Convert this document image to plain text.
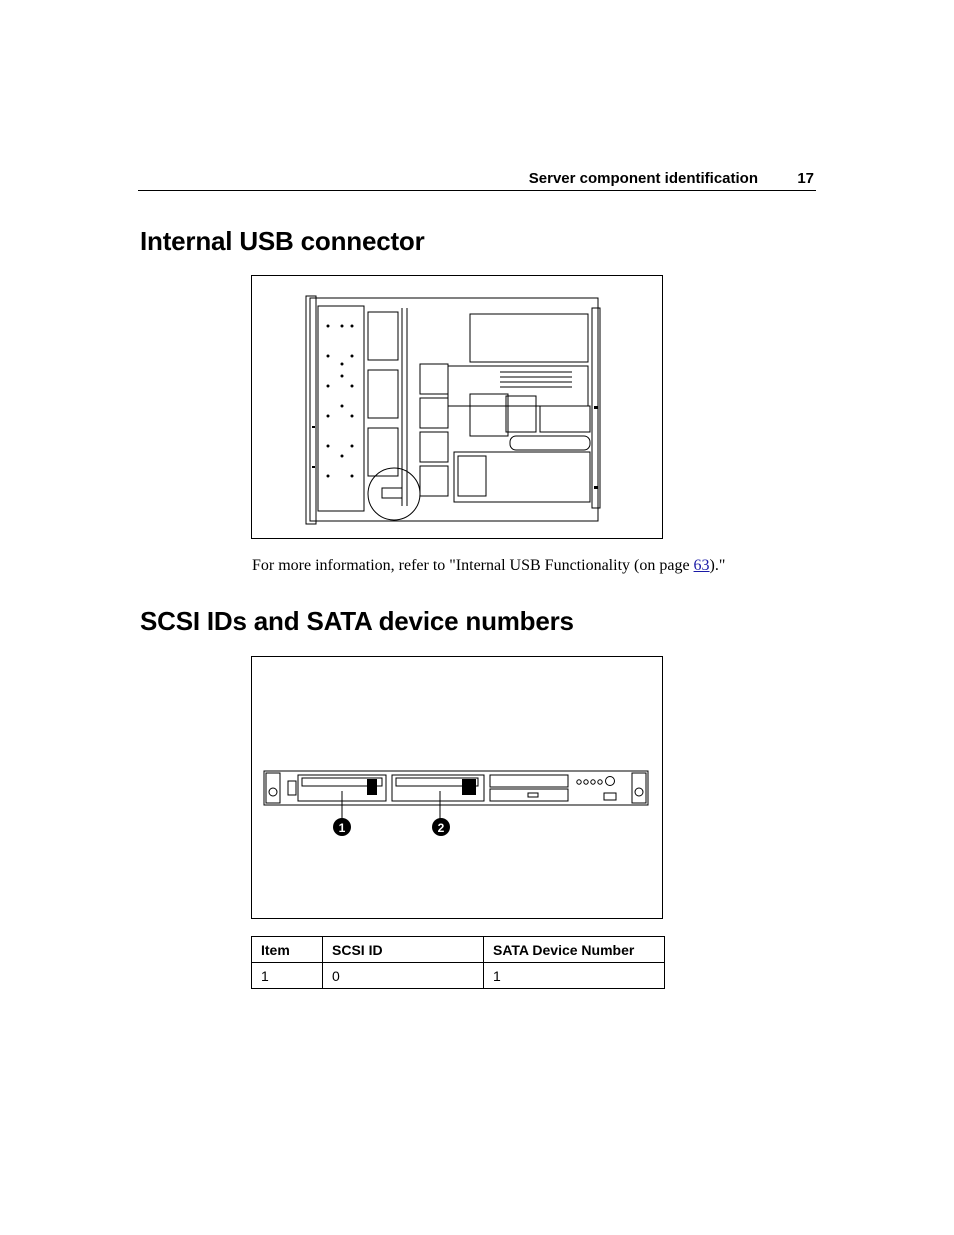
Server component identification	17
Internal USB connector
For more information, refer to "Internal USB Functionality (on page 63)."
SCSI IDs and SATA device numbers
1	2
Item	SCSI ID	SATA Device Number
1	0	1
